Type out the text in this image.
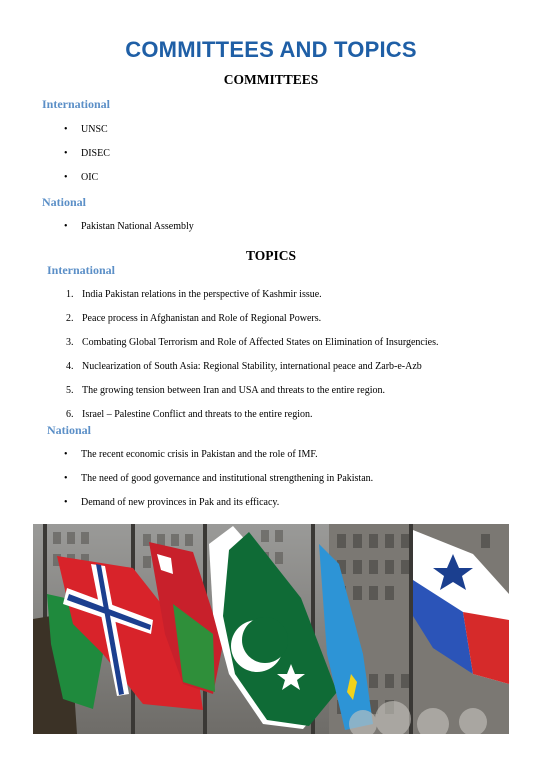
COMMITTEES AND TOPICS
COMMITTEES
International
• UNSC
• DISEC
• OIC
National
• Pakistan National Assembly
TOPICS
International
1. India Pakistan relations in the perspective of Kashmir issue.
2. Peace process in Afghanistan and Role of Regional Powers.
3. Combating Global Terrorism and Role of Affected States on Elimination of Insurgencies.
4. Nuclearization of South Asia: Regional Stability, international peace and Zarb-e-Azb
5. The growing tension between Iran and USA and threats to the entire region.
6. Israel – Palestine Conflict and threats to the entire region.
National
• The recent economic crisis in Pakistan and the role of IMF.
• The need of good governance and institutional strengthening in Pakistan.
• Demand of new provinces in Pak and its efficacy.
